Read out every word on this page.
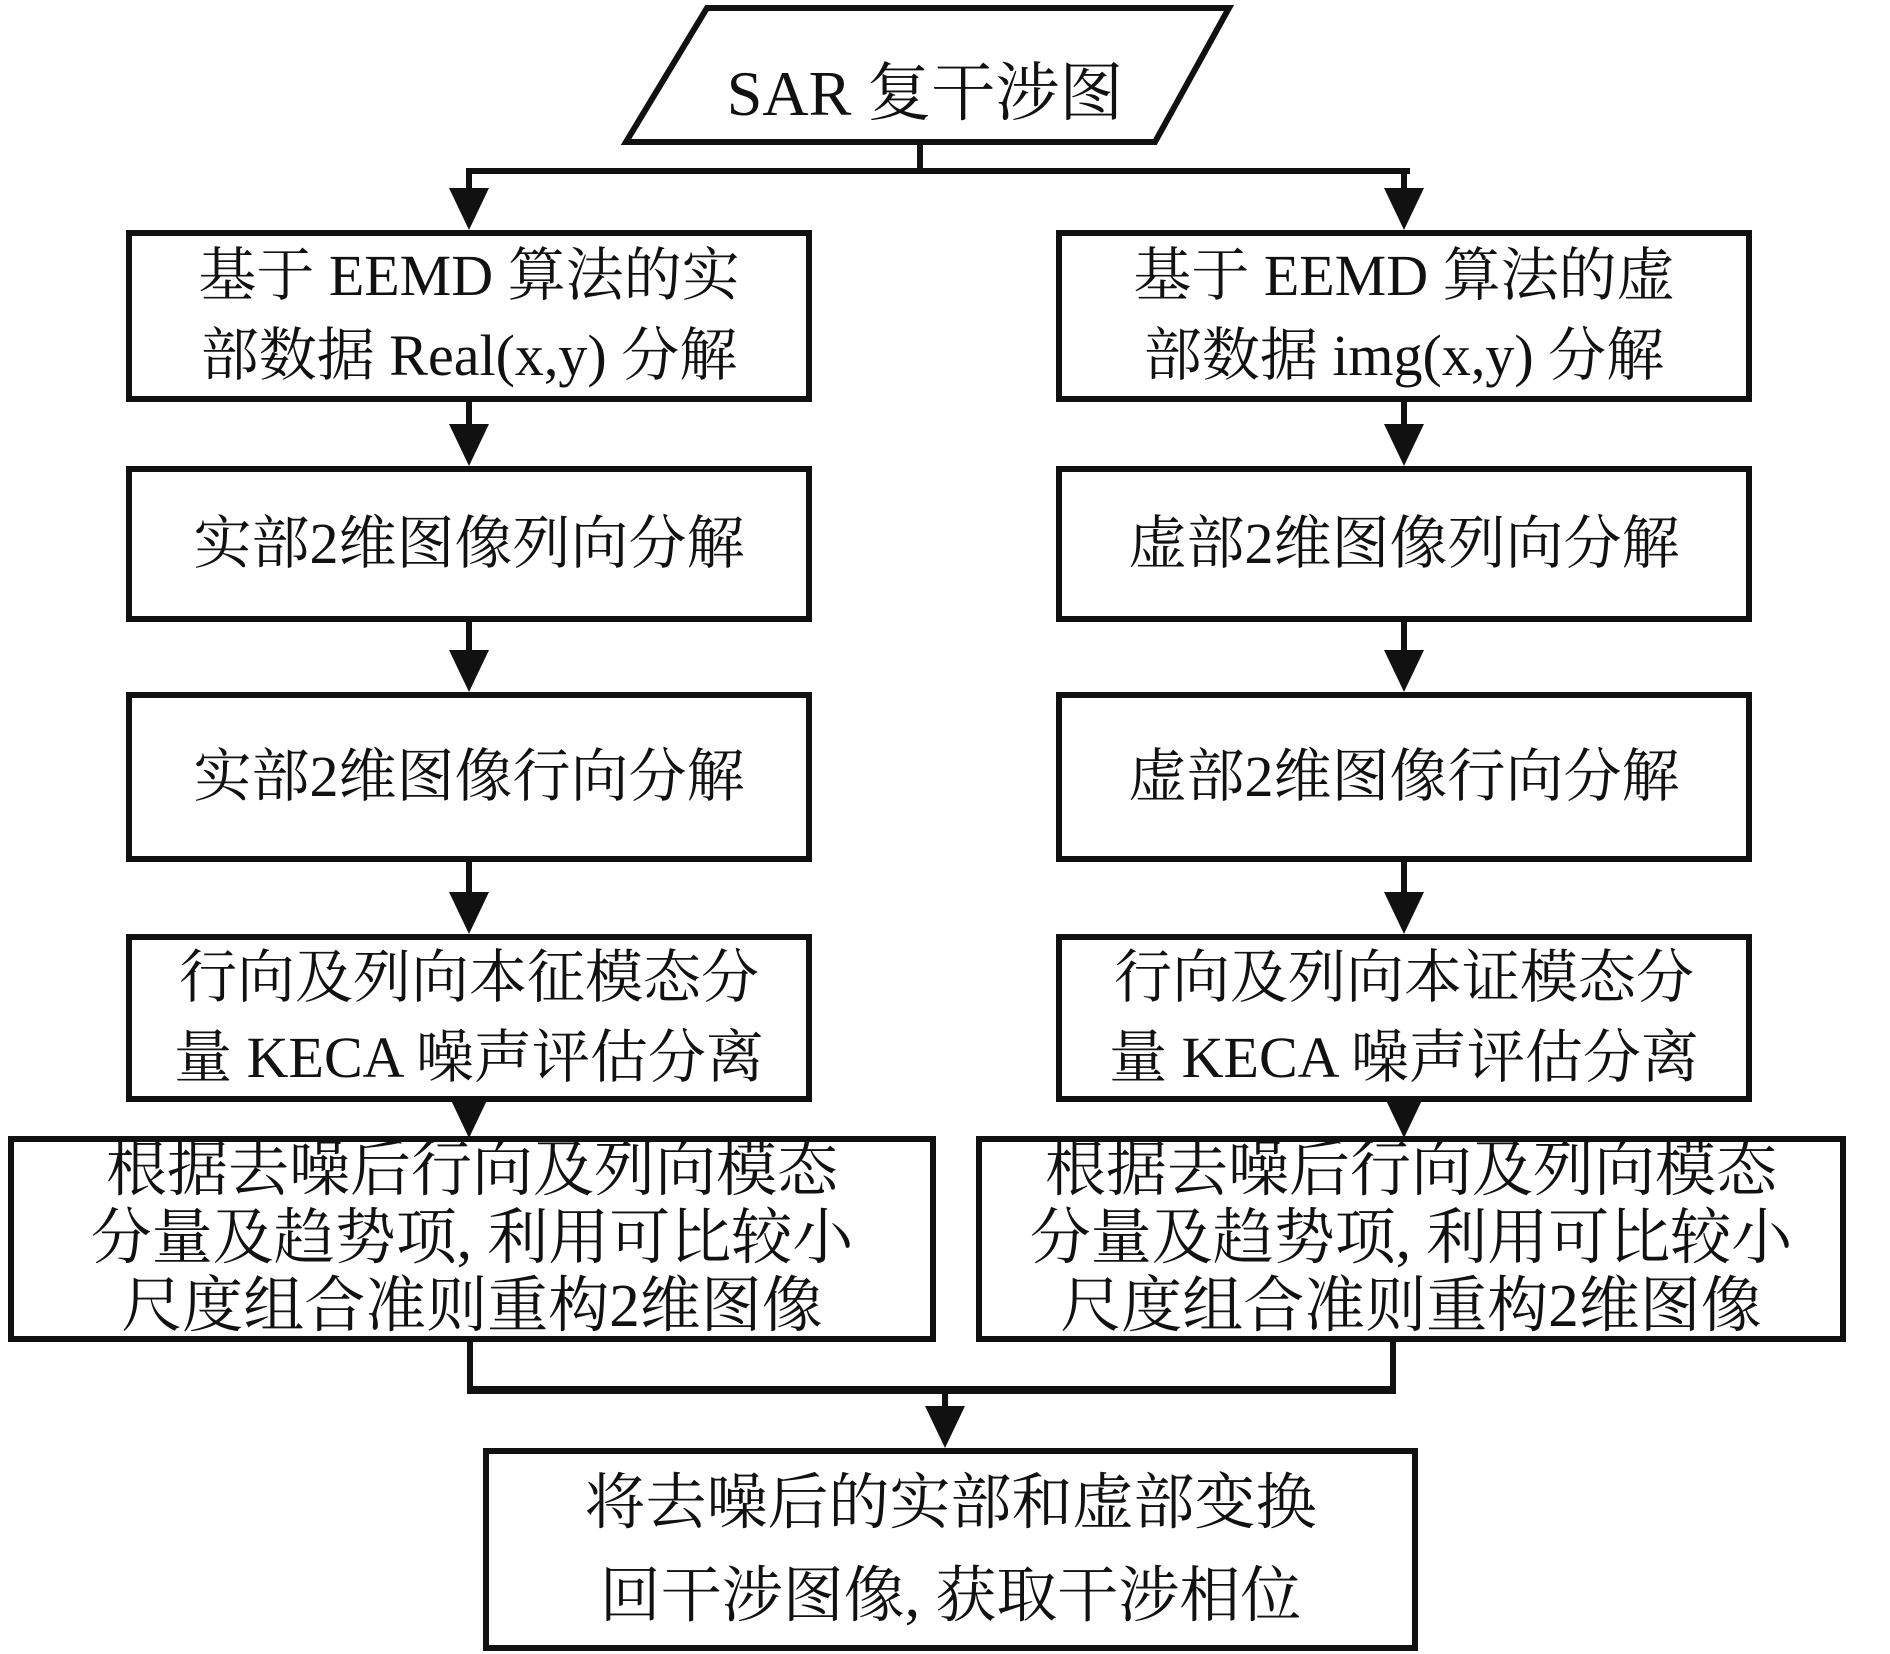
SAR 复干涉图
基于 EEMD 算法的实
部数据 Real(x,y) 分解
实部2维图像列向分解
实部2维图像行向分解
行向及列向本征模态分
量 KECA 噪声评估分离
根据去噪后行向及列向模态
分量及趋势项, 利用可比较小
尺度组合准则重构2维图像
基于 EEMD 算法的虚
部数据 img(x,y) 分解
虚部2维图像列向分解
虚部2维图像行向分解
行向及列向本证模态分
量 KECA 噪声评估分离
根据去噪后行向及列向模态
分量及趋势项, 利用可比较小
尺度组合准则重构2维图像
将去噪后的实部和虚部变换
回干涉图像, 获取干涉相位
